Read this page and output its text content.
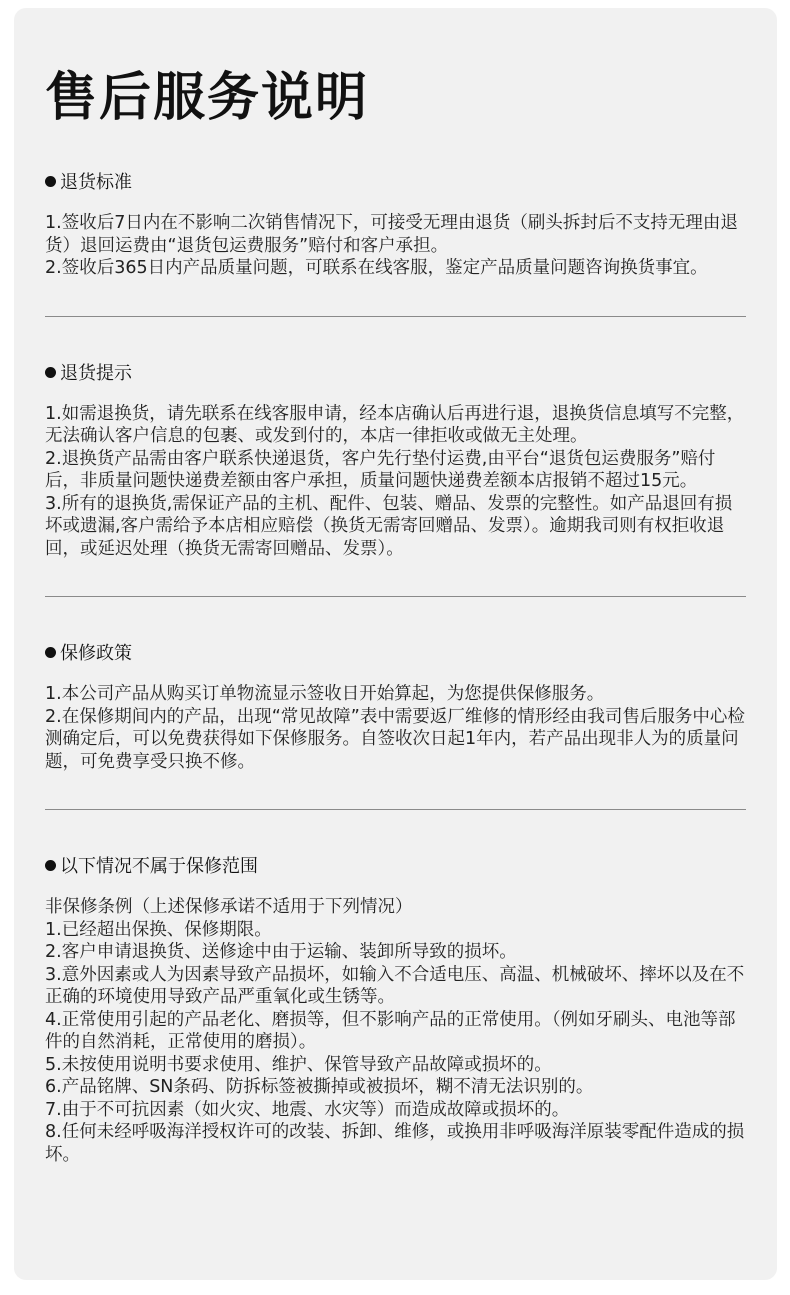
售后服务说明
退货标准

1.签收后7日内在不影响二次销售情况下，可接受无理由退货（刷头拆封后不支持无理由退货）退回运费由“退货包运费服务”赔付和客户承担。

2.签收后365日内产品质量问题，可联系在线客服，鉴定产品质量问题咨询换货事宜。

退货提示

1.如需退换货，请先联系在线客服申请，经本店确认后再进行退，退换货信息填写不完整，无法确认客户信息的包裹、或发到付的，本店一律拒收或做无主处理。

2.退换货产品需由客户联系快递退货，客户先行垫付运费,由平台“退货包运费服务”赔付后，非质量问题快递费差额由客户承担，质量问题快递费差额本店报销不超过15元。

3.所有的退换货,需保证产品的主机、配件、包装、赠品、发票的完整性。如产品退回有损坏或遗漏,客户需给予本店相应赔偿（换货无需寄回赠品、发票）。逾期我司则有权拒收退回，或延迟处理（换货无需寄回赠品、发票）。

保修政策

1.本公司产品从购买订单物流显示签收日开始算起，为您提供保修服务。

2.在保修期间内的产品，出现“常见故障”表中需要返厂维修的情形经由我司售后服务中心检测确定后，可以免费获得如下保修服务。自签收次日起1年内，若产品出现非人为的质量问题，可免费享受只换不修。

以下情况不属于保修范围

非保修条例（上述保修承诺不适用于下列情况）

1.已经超出保换、保修期限。

2.客户申请退换货、送修途中由于运输、装卸所导致的损坏。

3.意外因素或人为因素导致产品损坏，如输入不合适电压、高温、机械破坏、摔坏以及在不正确的环境使用导致产品严重氧化或生锈等。

4.正常使用引起的产品老化、磨损等，但不影响产品的正常使用。（例如牙刷头、电池等部件的自然消耗，正常使用的磨损）。

5.未按使用说明书要求使用、维护、保管导致产品故障或损坏的。

6.产品铭牌、SN条码、防拆标签被撕掉或被损坏，糊不清无法识别的。

7.由于不可抗因素（如火灾、地震、水灾等）而造成故障或损坏的。

8.任何未经呼吸海洋授权许可的改装、拆卸、维修，或换用非呼吸海洋原装零配件造成的损坏。
